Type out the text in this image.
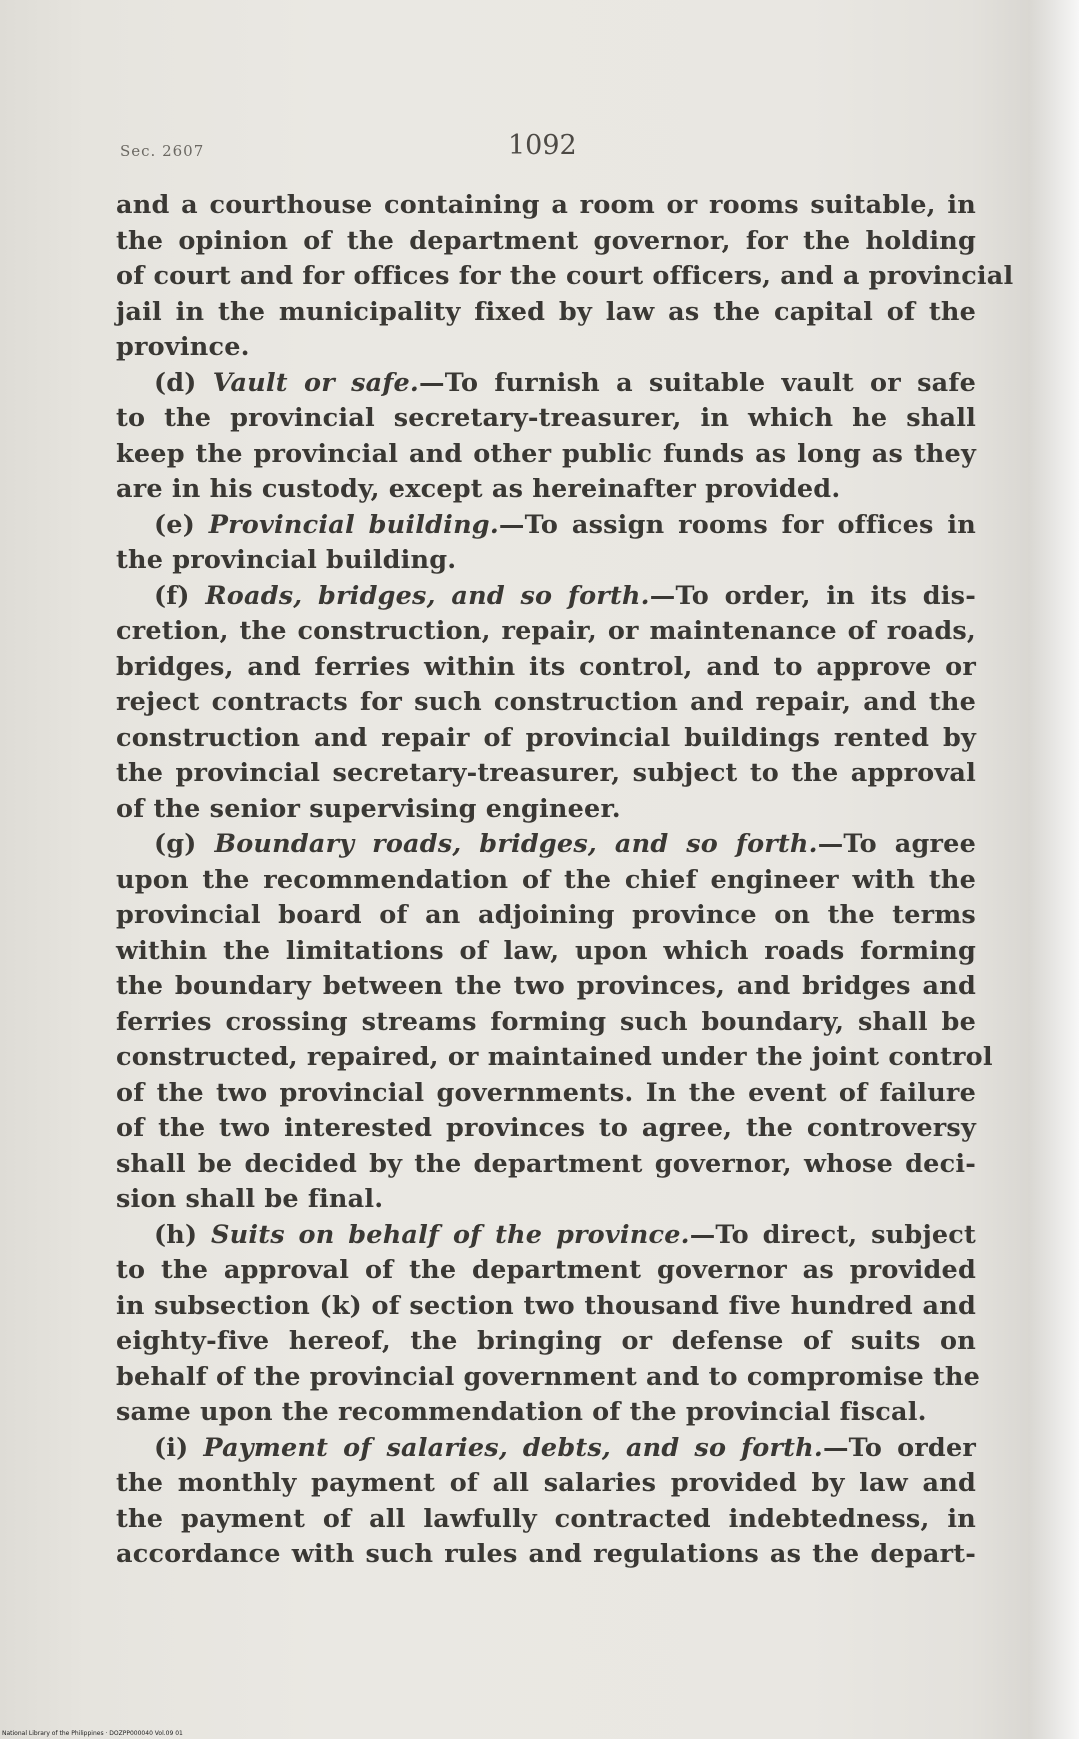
Sec. 2607	1092

and a courthouse containing a room or rooms suitable, in
the opinion of the department governor, for the holding
of court and for offices for the court officers, and a provincial
jail in the municipality fixed by law as the capital of the
province.

(d) Vault or safe.—To furnish a suitable vault or safe
to the provincial secretary-treasurer, in which he shall
keep the provincial and other public funds as long as they
are in his custody, except as hereinafter provided.

(e) Provincial building.—To assign rooms for offices in
the provincial building.

(f) Roads, bridges, and so forth.—To order, in its dis-
cretion, the construction, repair, or maintenance of roads,
bridges, and ferries within its control, and to approve or
reject contracts for such construction and repair, and the
construction and repair of provincial buildings rented by
the provincial secretary-treasurer, subject to the approval
of the senior supervising engineer.

(g) Boundary roads, bridges, and so forth.—To agree
upon the recommendation of the chief engineer with the
provincial board of an adjoining province on the terms
within the limitations of law, upon which roads forming
the boundary between the two provinces, and bridges and
ferries crossing streams forming such boundary, shall be
constructed, repaired, or maintained under the joint control
of the two provincial governments. In the event of failure
of the two interested provinces to agree, the controversy
shall be decided by the department governor, whose deci-
sion shall be final.

(h) Suits on behalf of the province.—To direct, subject
to the approval of the department governor as provided
in subsection (k) of section two thousand five hundred and
eighty-five hereof, the bringing or defense of suits on
behalf of the provincial government and to compromise the
same upon the recommendation of the provincial fiscal.

(i) Payment of salaries, debts, and so forth.—To order
the monthly payment of all salaries provided by law and
the payment of all lawfully contracted indebtedness, in
accordance with such rules and regulations as the depart-

National Library of the Philippines · DOZPP000040 Vol.09 01
